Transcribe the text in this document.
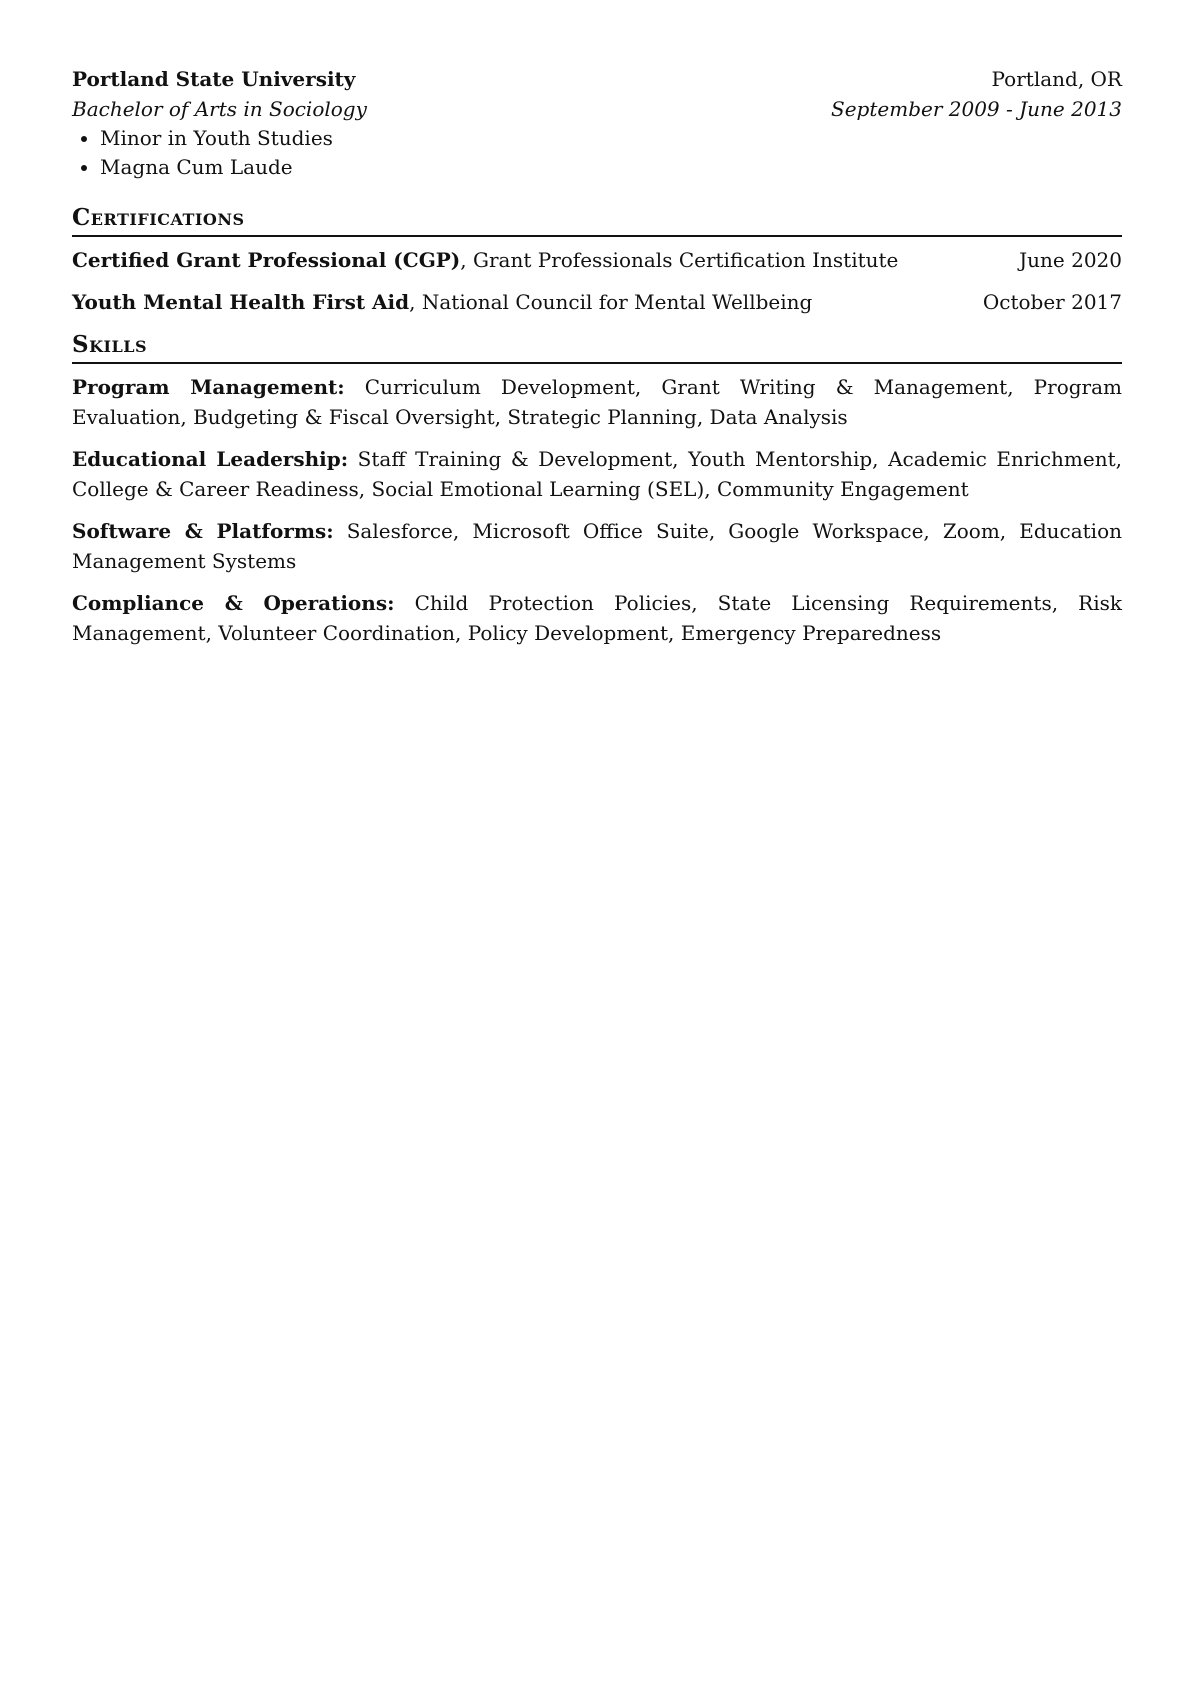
Portland State University	Portland, OR
Bachelor of Arts in Sociology	September 2009 - June 2013
• Minor in Youth Studies
• Magna Cum Laude
Certifications
Certified Grant Professional (CGP), Grant Professionals Certification Institute	June 2020
Youth Mental Health First Aid, National Council for Mental Wellbeing	October 2017
Skills
Program Management: Curriculum Development, Grant Writing & Management, Program Evaluation, Budgeting & Fiscal Oversight, Strategic Planning, Data Analysis
Educational Leadership: Staff Training & Development, Youth Mentorship, Academic Enrichment, College & Career Readiness, Social Emotional Learning (SEL), Community Engagement
Software & Platforms: Salesforce, Microsoft Office Suite, Google Workspace, Zoom, Education Management Systems
Compliance & Operations: Child Protection Policies, State Licensing Requirements, Risk Management, Volunteer Coordination, Policy Development, Emergency Preparedness
